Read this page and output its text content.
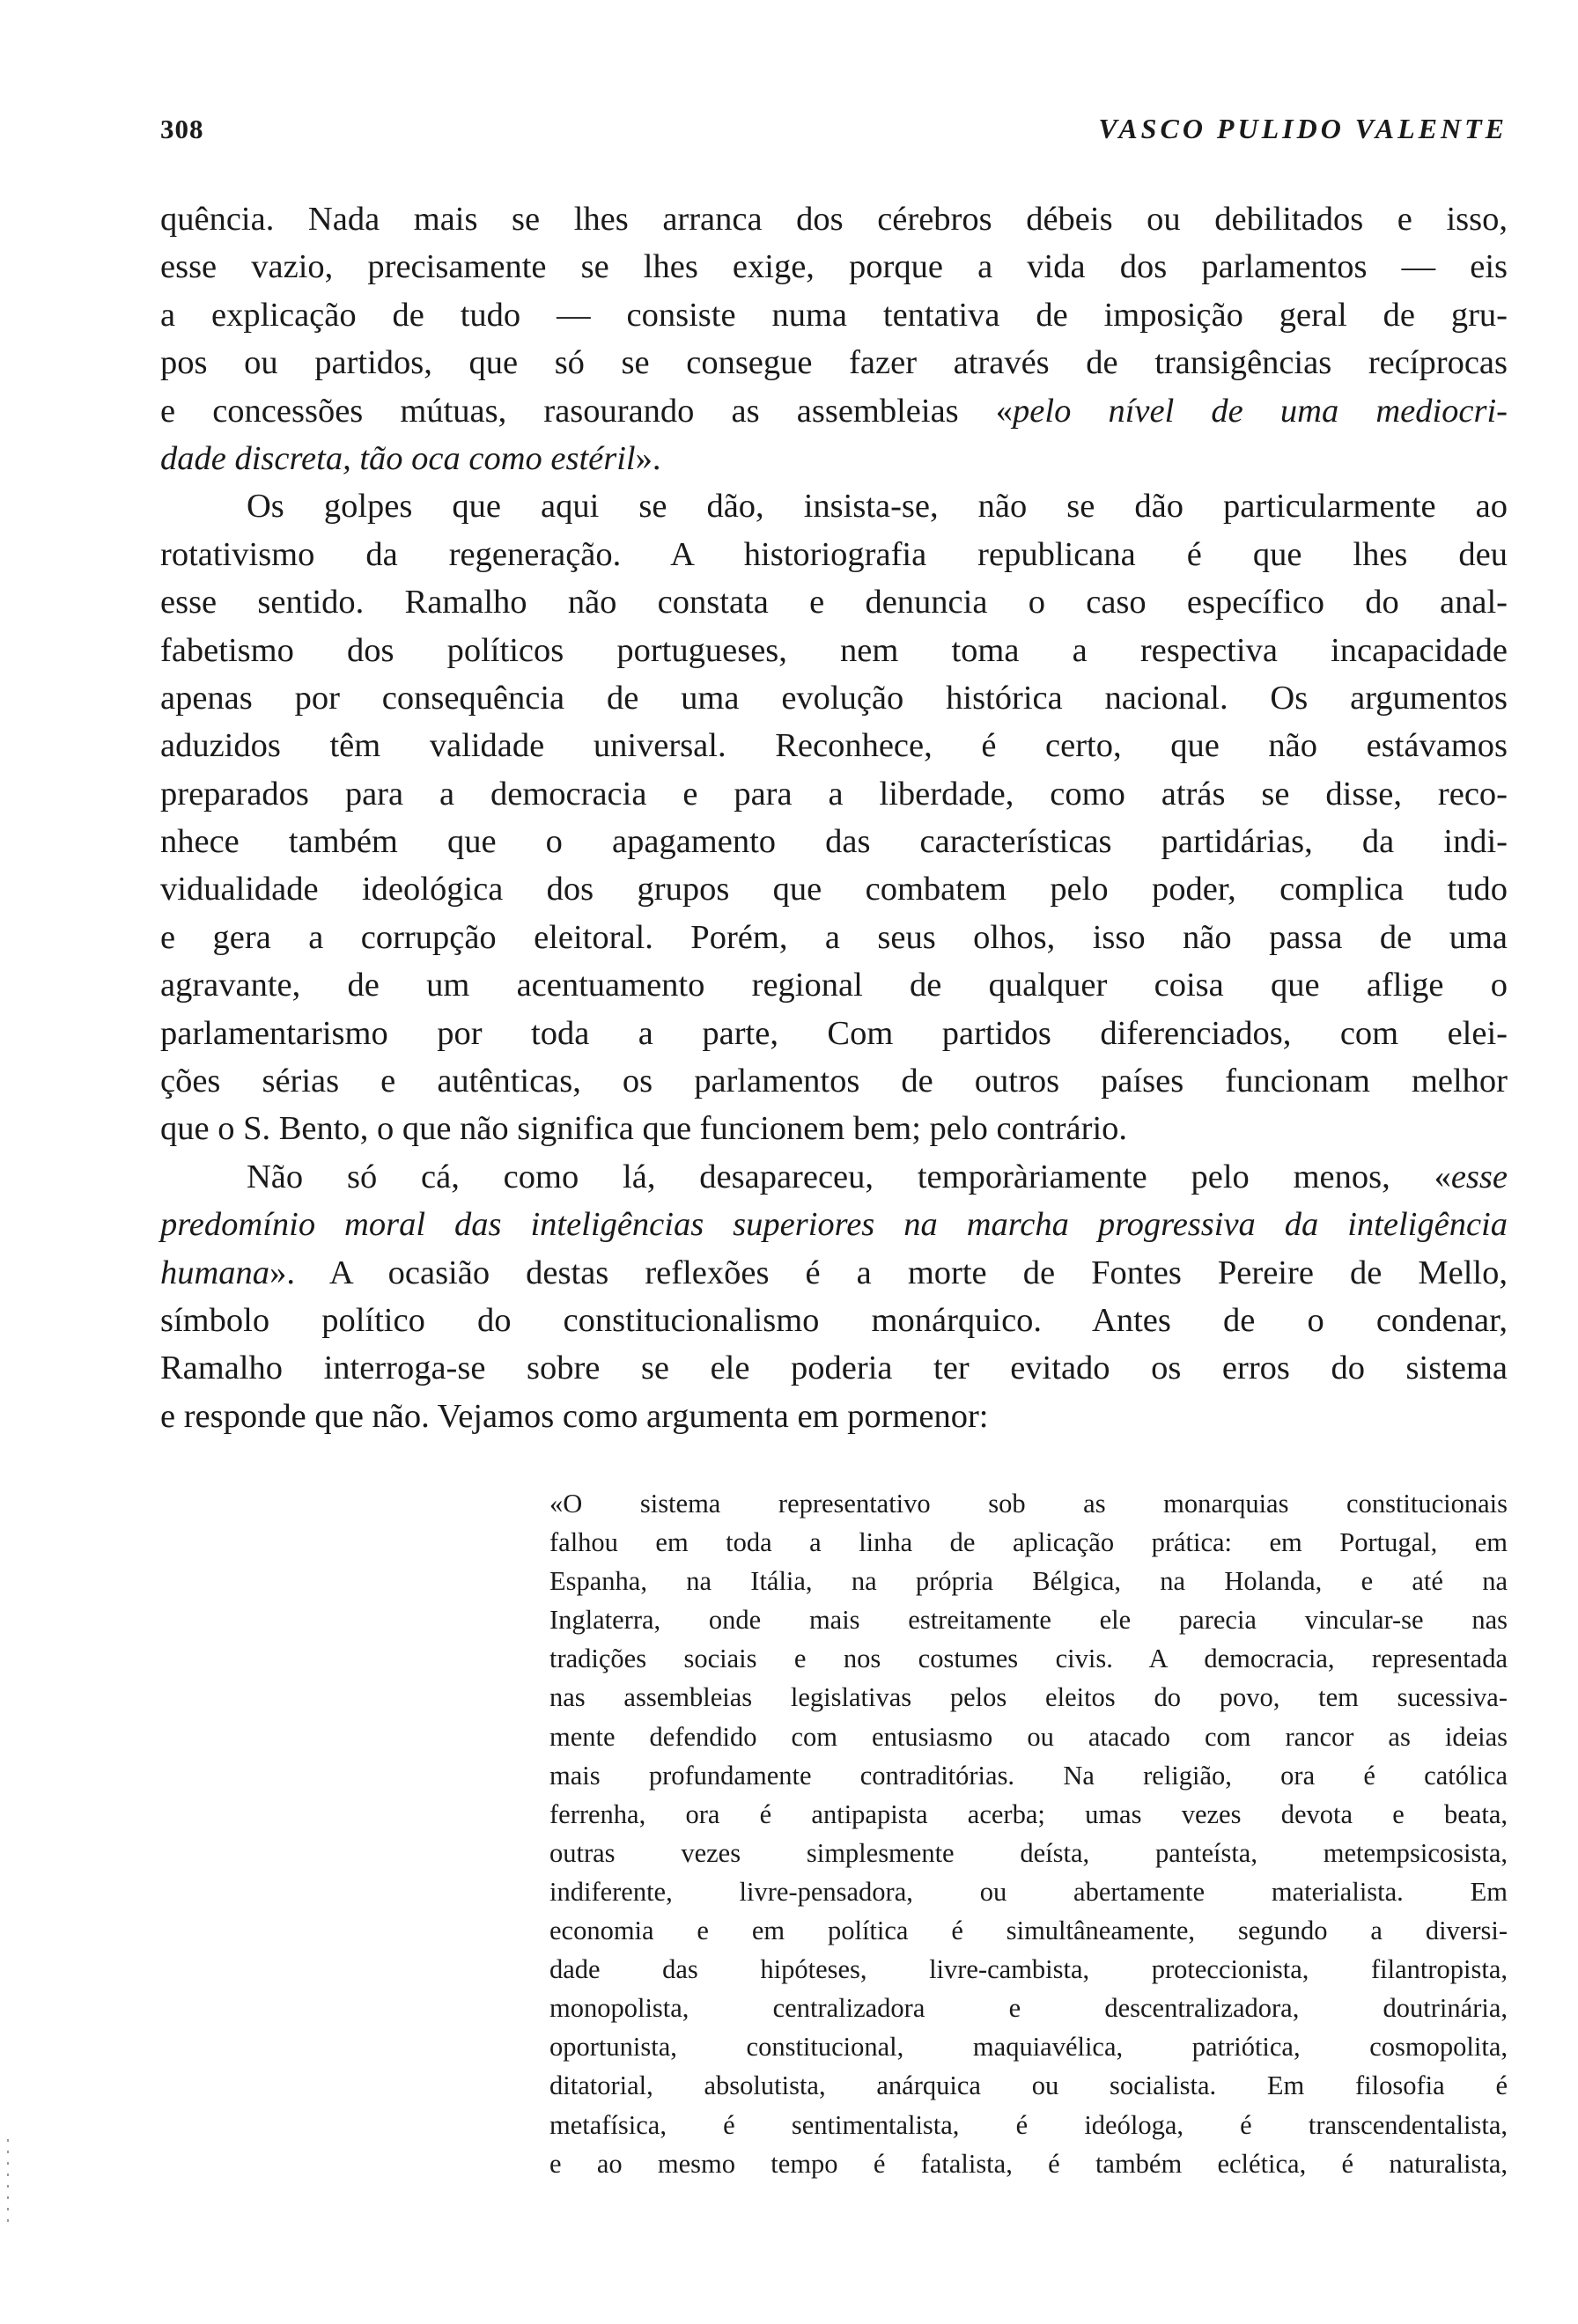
308	VASCO PULIDO VALENTE
quência. Nada mais se lhes arranca dos cérebros débeis ou debilitados e isso,
esse vazio, precisamente se lhes exige, porque a vida dos parlamentos — eis
a explicação de tudo — consiste numa tentativa de imposição geral de gru-
pos ou partidos, que só se consegue fazer através de transigências recíprocas
e concessões mútuas, rasourando as assembleias «pelo nível de uma mediocri-
dade discreta, tão oca como estéril».
Os golpes que aqui se dão, insista-se, não se dão particularmente ao
rotativismo da regeneração. A historiografia republicana é que lhes deu
esse sentido. Ramalho não constata e denuncia o caso específico do anal-
fabetismo dos políticos portugueses, nem toma a respectiva incapacidade
apenas por consequência de uma evolução histórica nacional. Os argumentos
aduzidos têm validade universal. Reconhece, é certo, que não estávamos
preparados para a democracia e para a liberdade, como atrás se disse, reco-
nhece também que o apagamento das características partidárias, da indi-
vidualidade ideológica dos grupos que combatem pelo poder, complica tudo
e gera a corrupção eleitoral. Porém, a seus olhos, isso não passa de uma
agravante, de um acentuamento regional de qualquer coisa que aflige o
parlamentarismo por toda a parte, Com partidos diferenciados, com elei-
ções sérias e autênticas, os parlamentos de outros países funcionam melhor
que o S. Bento, o que não significa que funcionem bem; pelo contrário.
Não só cá, como lá, desapareceu, temporàriamente pelo menos, «esse
predomínio moral das inteligências superiores na marcha progressiva da inteligência
humana». A ocasião destas reflexões é a morte de Fontes Pereire de Mello,
símbolo político do constitucionalismo monárquico. Antes de o condenar,
Ramalho interroga-se sobre se ele poderia ter evitado os erros do sistema
e responde que não. Vejamos como argumenta em pormenor:
«O sistema representativo sob as monarquias constitucionais
falhou em toda a linha de aplicação prática: em Portugal, em
Espanha, na Itália, na própria Bélgica, na Holanda, e até na
Inglaterra, onde mais estreitamente ele parecia vincular-se nas
tradições sociais e nos costumes civis. A democracia, representada
nas assembleias legislativas pelos eleitos do povo, tem sucessiva-
mente defendido com entusiasmo ou atacado com rancor as ideias
mais profundamente contraditórias. Na religião, ora é católica
ferrenha, ora é antipapista acerba; umas vezes devota e beata,
outras vezes simplesmente deísta, panteísta, metempsicosista,
indiferente, livre-pensadora, ou abertamente materialista. Em
economia e em política é simultâneamente, segundo a diversi-
dade das hipóteses, livre-cambista, proteccionista, filantropista,
monopolista, centralizadora e descentralizadora, doutrinária,
oportunista, constitucional, maquiavélica, patriótica, cosmopolita,
ditatorial, absolutista, anárquica ou socialista. Em filosofia é
metafísica, é sentimentalista, é ideóloga, é transcendentalista,
e ao mesmo tempo é fatalista, é também eclética, é naturalista,
